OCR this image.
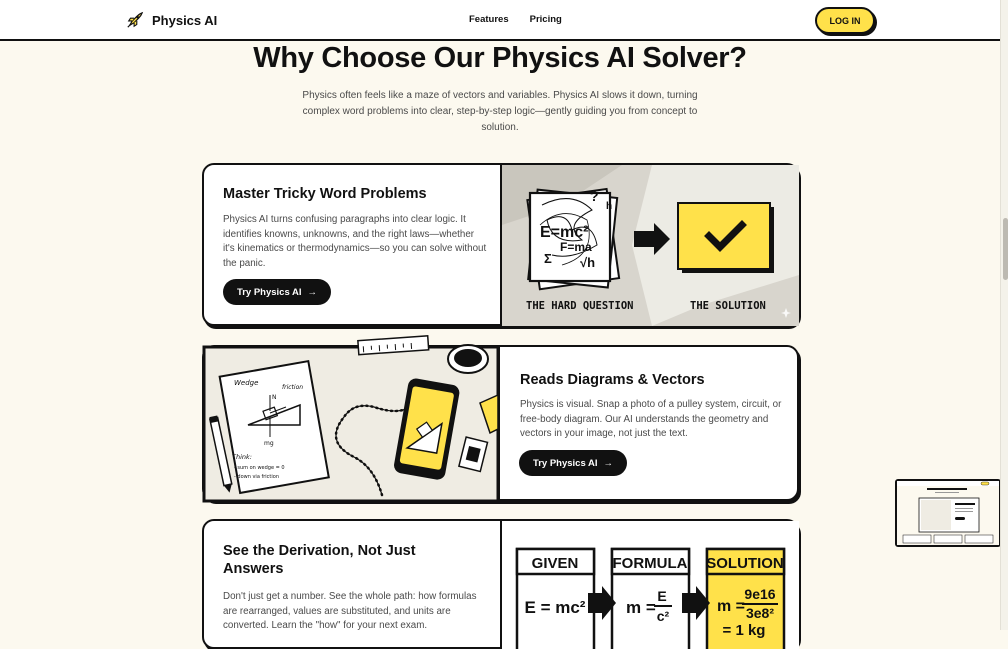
Physics AI	Features Pricing	LOG IN
Why Choose Our Physics AI Solver?
Physics often feels like a maze of vectors and variables. Physics AI slows it down, turning complex word problems into clear, step-by-step logic—gently guiding you from concept to solution.
Master Tricky Word Problems
Physics AI turns confusing paragraphs into clear logic. It identifies knowns, unknowns, and the right laws—whether it's kinematics or thermodynamics—so you can solve without the panic.
Try Physics AI →
E=mc²
F=ma
√h
?
Σ
h
THE HARD QUESTION	THE SOLUTION
Wedge
friction
N
mg
Think:
- sum on wedge = 0
- down via friction
Reads Diagrams & Vectors
Physics is visual. Snap a photo of a pulley system, circuit, or free-body diagram. Our AI understands the geometry and vectors in your image, not just the text.
Try Physics AI →
See the Derivation, Not Just Answers
Don't just get a number. See the whole path: how formulas are rearranged, values are substituted, and units are converted. Learn the "how" for your next exam.
GIVEN FORMULA SOLUTION
E = mc² m =
E
c²
m =
9e16
3e8²
= 1 kg
